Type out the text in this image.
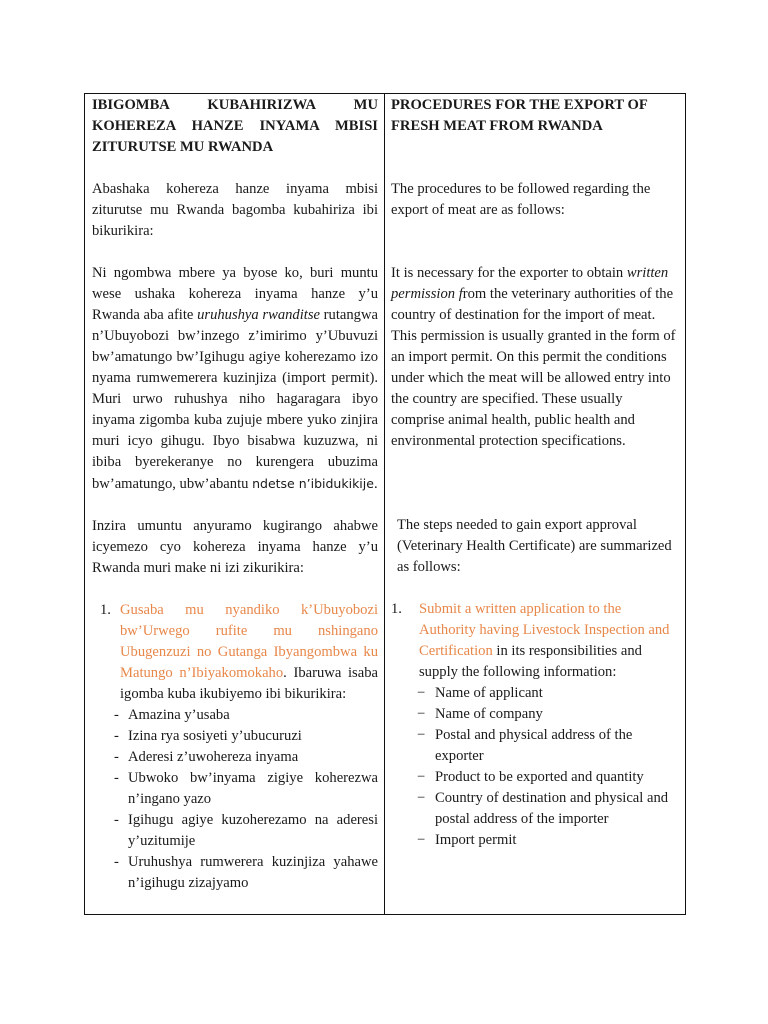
IBIGOMBA KUBAHIRIZWA MU KOHEREZA HANZE INYAMA MBISI ZITURUTSE MU RWANDA

Abashaka kohereza hanze inyama mbisi ziturutse mu Rwanda bagomba kubahiriza ibi bikurikira:

Ni ngombwa mbere ya byose ko, buri muntu wese ushaka kohereza inyama hanze y’u Rwanda aba afite uruhushya rwanditse rutangwa n’Ubuyobozi bw’inzego z’imirimo y’Ubuvuzi bw’amatungo bw’Igihugu agiye koherezamo izo nyama rumwemerera kuzinjiza (import permit). Muri urwo ruhushya niho hagaragara ibyo inyama zigomba kuba zujuje mbere yuko zinjira muri icyo gihugu. Ibyo bisabwa kuzuzwa, ni ibiba byerekeranye no kurengera ubuzima bw’amatungo, ubw’abantu ndetse n’ibidukikije.

Inzira umuntu anyuramo kugirango ahabwe icyemezo cyo kohereza inyama hanze y’u Rwanda muri make ni izi zikurikira:

1. Gusaba mu nyandiko k’Ubuyobozi bw’Urwego rufite mu nshingano Ubugenzuzi no Gutanga Ibyangombwa ku Matungo n’Ibiyakomokaho. Ibaruwa isaba igomba kuba ikubiyemo ibi bikurikira:
- Amazina y’usaba
- Izina rya sosiyeti y’ubucuruzi
- Aderesi z’uwohereza inyama
- Ubwoko bw’inyama zigiye koherezwa n’ingano yazo
- Igihugu agiye kuzoherezamo na aderesi y’uzitumije
- Uruhushya rumwerera kuzinjiza yahawe n’igihugu zizajyamo

PROCEDURES FOR THE EXPORT OF FRESH MEAT FROM RWANDA

The procedures to be followed regarding the export of meat are as follows:

It is necessary for the exporter to obtain written permission from the veterinary authorities of the country of destination for the import of meat. This permission is usually granted in the form of an import permit. On this permit the conditions under which the meat will be allowed entry into the country are specified. These usually comprise animal health, public health and environmental protection specifications.

The steps needed to gain export approval (Veterinary Health Certificate) are summarized as follows:

1. Submit a written application to the Authority having Livestock Inspection and Certification in its responsibilities and supply the following information:
− Name of applicant
− Name of company
− Postal and physical address of the exporter
− Product to be exported and quantity
− Country of destination and physical and postal address of the importer
− Import permit
